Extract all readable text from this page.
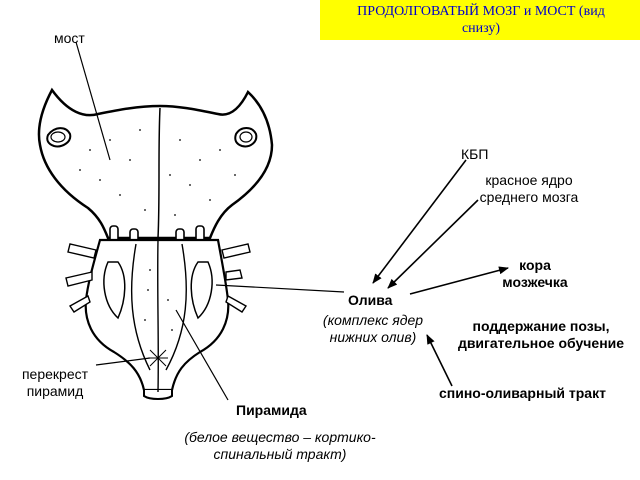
ПРОДОЛГОВАТЫЙ МОЗГ и МОСТ (вид
снизу)
мост
КБП
красное ядро
среднего мозга
кора
мозжечка
Олива
(комплекс ядер
нижних олив)
поддержание позы,
двигательное обучение
перекрест
пирамид	спино-оливарный тракт
Пирамида
(белое вещество – кортико-
спинальный тракт)
